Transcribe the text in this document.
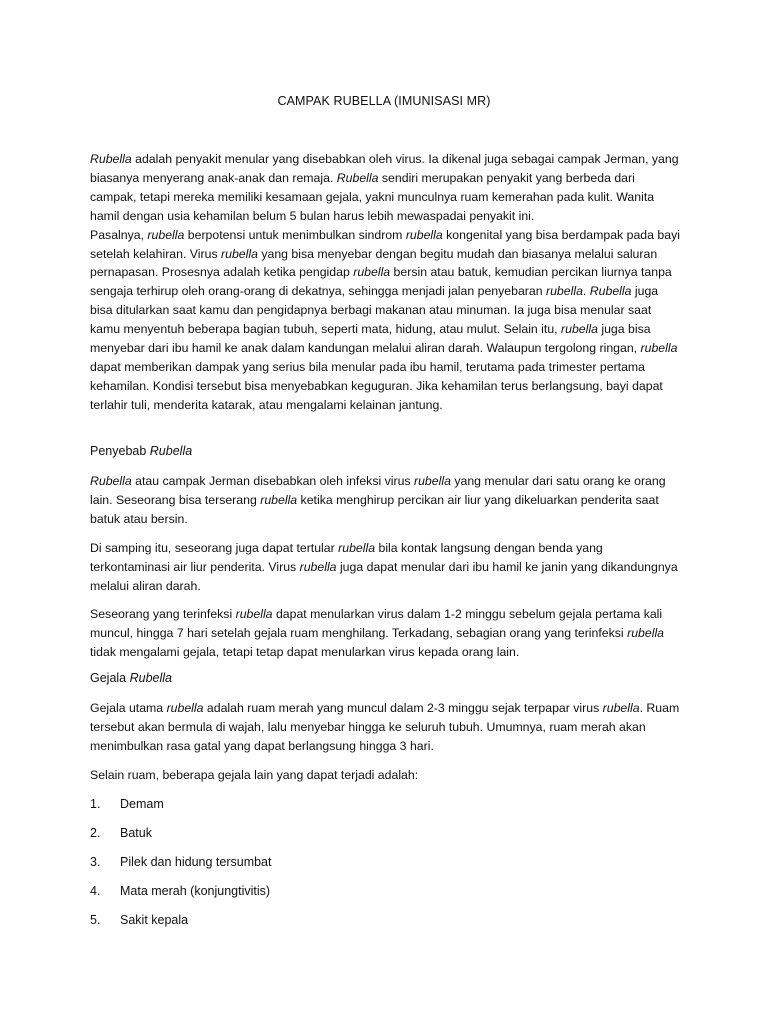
CAMPAK RUBELLA (IMUNISASI MR)

Rubella adalah penyakit menular yang disebabkan oleh virus. Ia dikenal juga sebagai campak Jerman, yang biasanya menyerang anak-anak dan remaja. Rubella sendiri merupakan penyakit yang berbeda dari campak, tetapi mereka memiliki kesamaan gejala, yakni munculnya ruam kemerahan pada kulit. Wanita hamil dengan usia kehamilan belum 5 bulan harus lebih mewaspadai penyakit ini.

Pasalnya, rubella berpotensi untuk menimbulkan sindrom rubella kongenital yang bisa berdampak pada bayi setelah kelahiran. Virus rubella yang bisa menyebar dengan begitu mudah dan biasanya melalui saluran pernapasan. Prosesnya adalah ketika pengidap rubella bersin atau batuk, kemudian percikan liurnya tanpa sengaja terhirup oleh orang-orang di dekatnya, sehingga menjadi jalan penyebaran rubella. Rubella juga bisa ditularkan saat kamu dan pengidapnya berbagi makanan atau minuman. Ia juga bisa menular saat kamu menyentuh beberapa bagian tubuh, seperti mata, hidung, atau mulut. Selain itu, rubella juga bisa menyebar dari ibu hamil ke anak dalam kandungan melalui aliran darah. Walaupun tergolong ringan, rubella dapat memberikan dampak yang serius bila menular pada ibu hamil, terutama pada trimester pertama kehamilan. Kondisi tersebut bisa menyebabkan keguguran. Jika kehamilan terus berlangsung, bayi dapat terlahir tuli, menderita katarak, atau mengalami kelainan jantung.

Penyebab Rubella

Rubella atau campak Jerman disebabkan oleh infeksi virus rubella yang menular dari satu orang ke orang lain. Seseorang bisa terserang rubella ketika menghirup percikan air liur yang dikeluarkan penderita saat batuk atau bersin.

Di samping itu, seseorang juga dapat tertular rubella bila kontak langsung dengan benda yang terkontaminasi air liur penderita. Virus rubella juga dapat menular dari ibu hamil ke janin yang dikandungnya melalui aliran darah.

Seseorang yang terinfeksi rubella dapat menularkan virus dalam 1-2 minggu sebelum gejala pertama kali muncul, hingga 7 hari setelah gejala ruam menghilang. Terkadang, sebagian orang yang terinfeksi rubella tidak mengalami gejala, tetapi tetap dapat menularkan virus kepada orang lain.

Gejala Rubella

Gejala utama rubella adalah ruam merah yang muncul dalam 2-3 minggu sejak terpapar virus rubella. Ruam tersebut akan bermula di wajah, lalu menyebar hingga ke seluruh tubuh. Umumnya, ruam merah akan menimbulkan rasa gatal yang dapat berlangsung hingga 3 hari.

Selain ruam, beberapa gejala lain yang dapat terjadi adalah:

1. Demam
2. Batuk
3. Pilek dan hidung tersumbat
4. Mata merah (konjungtivitis)
5. Sakit kepala
